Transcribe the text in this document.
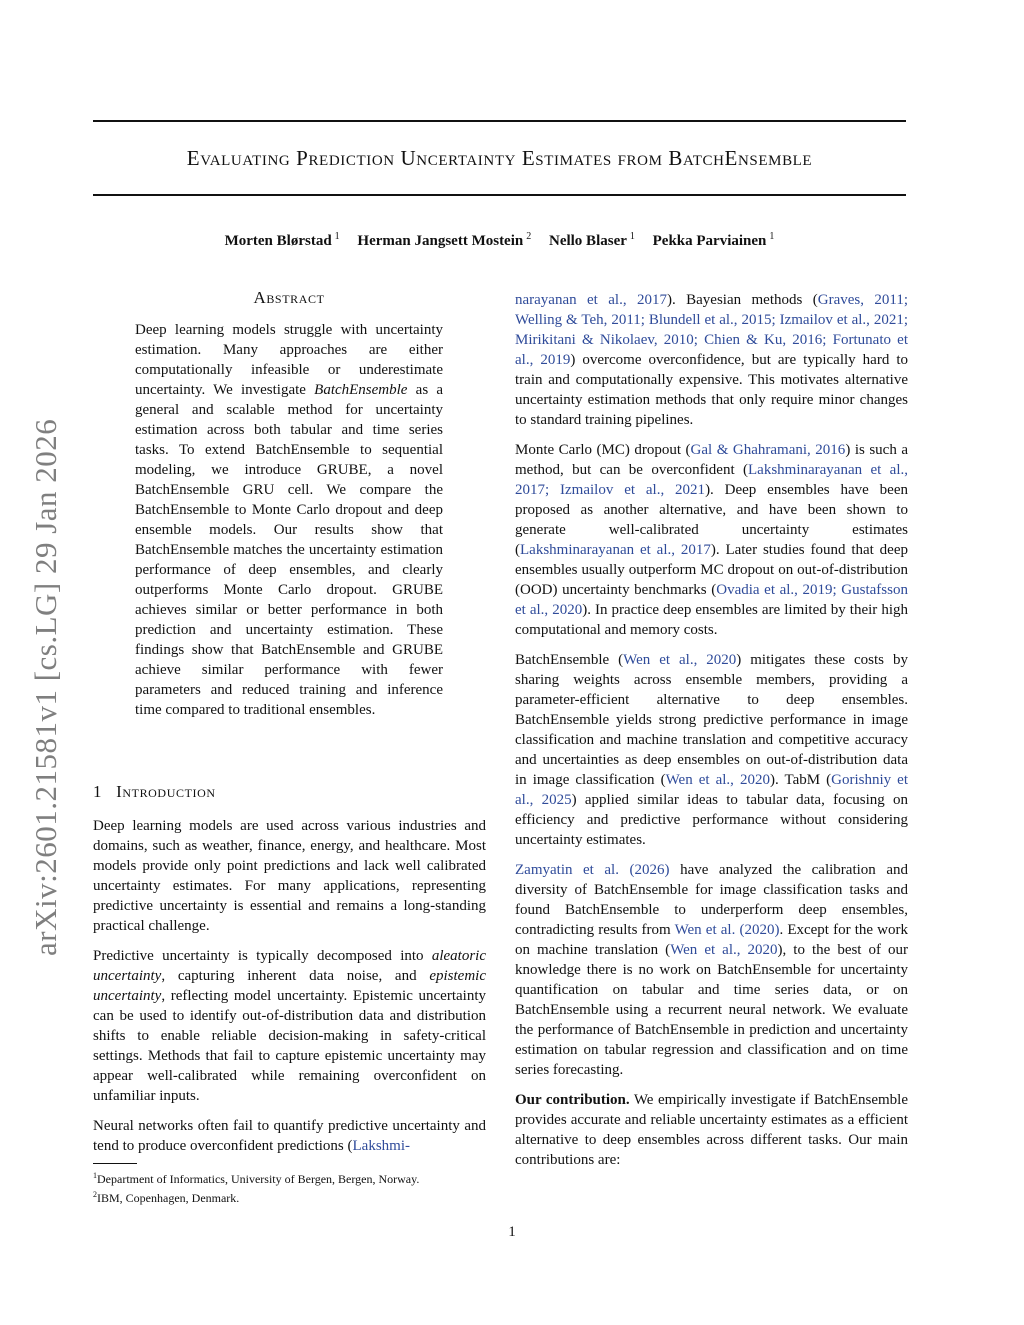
Evaluating Prediction Uncertainty Estimates from BatchEnsemble
Morten Blørstad $^1$ Herman Jangsett Mostein $^2$ Nello Blaser $^1$ Pekka Parviainen $^1$
arXiv:2601.21581v1 [cs.LG] 29 Jan 2026
Abstract
Deep learning models struggle with uncertainty estimation. Many approaches are either computationally infeasible or underestimate uncertainty. We investigate BatchEnsemble as a general and scalable method for uncertainty estimation across both tabular and time series tasks. To extend BatchEnsemble to sequential modeling, we introduce GRUBE, a novel BatchEnsemble GRU cell. We compare the BatchEnsemble to Monte Carlo dropout and deep ensemble models. Our results show that BatchEnsemble matches the uncertainty estimation performance of deep ensembles, and clearly outperforms Monte Carlo dropout. GRUBE achieves similar or better performance in both prediction and uncertainty estimation. These findings show that BatchEnsemble and GRUBE achieve similar performance with fewer parameters and reduced training and inference time compared to traditional ensembles.
1 Introduction

Deep learning models are used across various industries and domains, such as weather, finance, energy, and healthcare. Most models provide only point predictions and lack well calibrated uncertainty estimates. For many applications, representing predictive uncertainty is essential and remains a long-standing practical challenge.

Predictive uncertainty is typically decomposed into aleatoric uncertainty, capturing inherent data noise, and epistemic uncertainty, reflecting model uncertainty. Epistemic uncertainty can be used to identify out-of-distribution data and distribution shifts to enable reliable decision-making in safety-critical settings. Methods that fail to capture epistemic uncertainty may appear well-calibrated while remaining overconfident on unfamiliar inputs.

Neural networks often fail to quantify predictive uncertainty and tend to produce overconfident predictions (Lakshmi-

narayanan et al., 2017). Bayesian methods (Graves, 2011; Welling & Teh, 2011; Blundell et al., 2015; Izmailov et al., 2021; Mirikitani & Nikolaev, 2010; Chien & Ku, 2016; Fortunato et al., 2019) overcome overconfidence, but are typically hard to train and computationally expensive. This motivates alternative uncertainty estimation methods that only require minor changes to standard training pipelines.

Monte Carlo (MC) dropout (Gal & Ghahramani, 2016) is such a method, but can be overconfident (Lakshminarayanan et al., 2017; Izmailov et al., 2021). Deep ensembles have been proposed as another alternative, and have been shown to generate well-calibrated uncertainty estimates (Lakshminarayanan et al., 2017). Later studies found that deep ensembles usually outperform MC dropout on out-of-distribution (OOD) uncertainty benchmarks (Ovadia et al., 2019; Gustafsson et al., 2020). In practice deep ensembles are limited by their high computational and memory costs.

BatchEnsemble (Wen et al., 2020) mitigates these costs by sharing weights across ensemble members, providing a parameter-efficient alternative to deep ensembles. BatchEnsemble yields strong predictive performance in image classification and machine translation and competitive accuracy and uncertainties as deep ensembles on out-of-distribution data in image classification (Wen et al., 2020). TabM (Gorishniy et al., 2025) applied similar ideas to tabular data, focusing on efficiency and predictive performance without considering uncertainty estimates.

Zamyatin et al. (2026) have analyzed the calibration and diversity of BatchEnsemble for image classification tasks and found BatchEnsemble to underperform deep ensembles, contradicting results from Wen et al. (2020). Except for the work on machine translation (Wen et al., 2020), to the best of our knowledge there is no work on BatchEnsemble for uncertainty quantification on tabular and time series data, or on BatchEnsemble using a recurrent neural network. We evaluate the performance of BatchEnsemble in prediction and uncertainty estimation on tabular regression and classification and on time series forecasting.

Our contribution. We empirically investigate if BatchEnsemble provides accurate and reliable uncertainty estimates as a efficient alternative to deep ensembles across different tasks. Our main contributions are:

$^1$Department of Informatics, University of Bergen, Bergen, Norway.
$^2$IBM, Copenhagen, Denmark.
1
